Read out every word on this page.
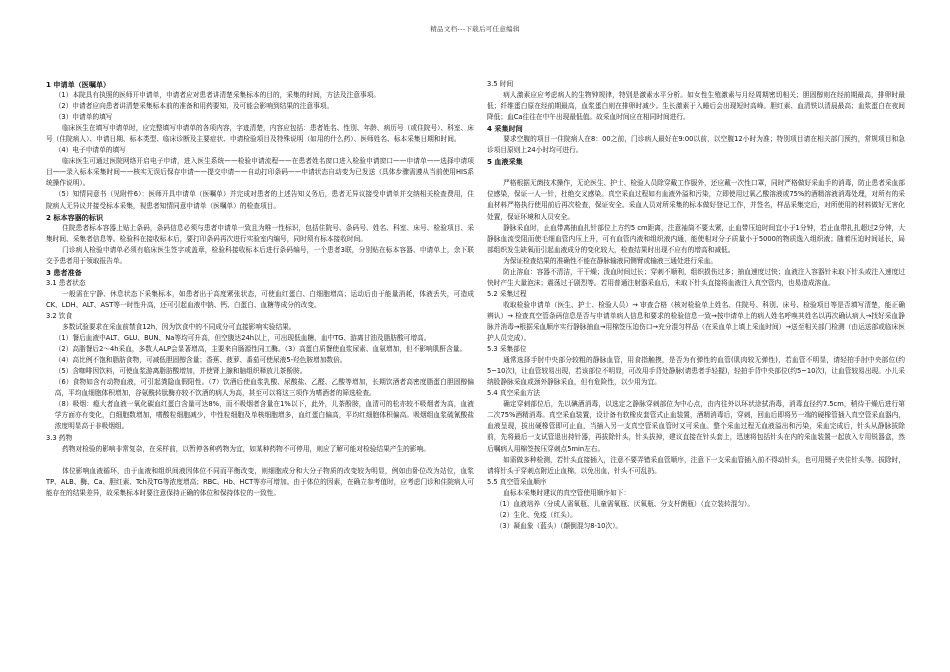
精品文档---下载后可任意编辑
1 申请单（医嘱单）
（1）本院具有执照的医师开申请单，申请者应对患者讲清楚采集标本的目的，采集的时间，方法及注意事项。
（2）申请者应向患者讲清楚采集标本前的准备和用药要知，及可能会影响到结果的注意事项。
（3）申请单的填写
临床医生在填写申请单时，应完整填写申请单的各项内容，字迹清楚，内容应包括：患者姓名、性别、年龄、病历号（或住院号）、科室、床号（住院病人）、申请日期、标本类型、临床诊断及主要症状、申请检验项目及特殊说明（如用的什么药）、医师姓名、标本采集日期和时间。
（4）电子申请单的填写
临床医生可通过医院网络开启电子申请，进入医生系统——检验申请流程——在患者姓名窗口进入检验申请窗口——申请单——选择申请项目——录入标本采集时间——核实无误后保存申请——提交申请——自动打印条码——申请状态自动变为已发送（具体步骤需遵从当前使用HIS系统操作说明）。
（5）知情同意书（见附件6）：医师开具申请单（医嘱单）并完成对患者的上述告知义务后，患者无异议接受申请单并交纳相关检查费用，住院病人无异议并接受标本采集，视患者知情同意申请单（医嘱单）的检查项目。
2 标本容器的标识
住院患者标本容器上贴上条码，条码信息必须与患者申请单一致且为唯一性标识，包括住院号、条码号、姓名、科室、床号、检验项目、采集时间、采集者信息等。检验科在接收标本后，要打印条码再次进行实验室内编号，同时须有标本接收时间。
门诊病人检验申请单必须有临床医生签字或盖章，检验科接收标本后进行条码编号，一个患者3联，分别贴在标本容器、申请单上，余下联交予患者用于领取报告单。
3 患者准备
3.1 患者状态
一般需在宁静、休息状态下采集标本，如患者出于高度紧张状态，可使血红蛋白、白细胞增高；运动后由于能量消耗，体液丢失，可造成CK、LDH、ALT、AST等一时性升高，还可引起血液中钠、钙、白蛋白、血糖等成分的改变。
3.2 饮食
多数试验要求在采血前禁食12h，因为饮食中的不同成分可直接影响实验结果。
（1）餐后血液中ALT、GLU、BUN、Na等均可升高，但空腹达24h以上，可出现低血糖，血中TG、游离甘油及脂肪酸可增高。
（2）高脂餐后2～4h采血，多数人ALP会显著增高，主要来自肠源性同工酶。（3）高蛋白质餐使血浆尿素、血氨增加，但不影响肌酐含量。
（4）高比例不饱和脂肪食物，可减低胆固醇含量；香蕉、菠萝、番茄可使尿液5-羟色胺增加数倍。
（5）含咖啡因饮料，可使血浆游离脂肪酸增加，并使肾上腺和脑组织释放儿茶酚胺。
（6）食物如含有动物血液，可引起粪隐血假阳性。（7）饮酒后使血浆乳酸、尿酸盐、乙醛、乙酸等增加，长期饮酒者高密度脂蛋白胆固醇偏高，平均血细胞体积增加，谷氨酰转肽酶亦较不饮酒的病人为高，甚至可以将这三项作为嗜酒者的筛选检查。
（8）吸烟：瘾大者血液一氧化碳血红蛋白含量可达8%，而不吸烟者含量在1%以下，此外，儿茶酚胺，血清可的松亦较不吸烟者为高，血液学方面亦有变化，白细胞数增加，嗜酸粒细胞减少，中性粒细胞及单核细胞增多，血红蛋白偏高，平均红细胞体积偏高。吸烟组血浆硫氰酸盐浓度明显高于非吸烟组。
3.3 药物
药物对检验的影响非常复杂，在采样前，以暂停各种药物为宜，如某种药物不可停用，则应了解可能对检验结果产生的影响。
体位影响血液循环，由于血液和组织间液因体位不同而平衡改变，则细胞成分和大分子物质的改变较为明显，例如由卧位改为站位，血浆TP、ALB、酶、Ca、胆红素、Tch及TG等浓度增高；RBC、Hb、HCT等亦可增加。由于体位的因素，在确立参考值时，应考虑门诊和住院病人可能存在的结果差异，故采集标本时要注意保持正确的体位和保持体位的一致性。
3.5 时间
病人激素应应考虑病人的生物钟规律，特别是激素水平分析。如女性生殖激素与月经周期密切相关；胆固醇则在经前期最高，排卵时最低；纤维蛋白原在经前期最高，血浆蛋白则在排卵时减少。生长激素于入睡后会出现短时高峰。胆红素、血清铁以清晨最高；血浆蛋白在夜间降低；血Ca往往在中午出现最低值。故采血时间应在相同时间进行。
4 采集时间
要求空腹的项目一住院病人在8：00之前，门诊病人最好在9:00以前，以空腹12小时为准；特别项目请在相关部门预约，常规项目和急诊项目原则上24小时均可进行。
5 血液采集
严格根据无菌技术操作，无论医生、护士、检验人员除穿戴工作服外，还应戴一次性口罩，同时严格做好采血手的消毒，防止患者采血部位感染，保证一人一针，杜绝交叉感染。真空采血过程如有血液外溢和污染，立即使用过氧乙酸溶液或75%的酒精溶液消毒处理，对所有的采血材料严格执行使用前后再次检查，保证安全。采血人员对所采集的标本做好登记工作，并签名，样品采集完后，对所使用的材料做好无害化处置，保证环境和人员安全。
静脉采血时，止血带离抽血扎针部位上方约5 cm距离，注意袖筒不要太紧，止血带压迫时间宜小于1分钟，若止血带扎扎超过2分钟，大静脉血流受阻而使毛细血管内压上升，可有血管内液和组织液内通，能使相对分子质量小于5000的物质逸入组织液；随着压迫时间延长，局部组织发生缺氧而引起血液成分的变化较大，检查结果时出现不应有的增高和减低。
为保证检查结果的准确性不能在静脉输液同侧臂或输液三通处进行采血。
防止溶血：容器不清洁，干干燥；泼血时间过长；穿刺不顺利，组织损伤过多；抽血速度过快；血液注入容器针未取下针头或注入速度过快时产生大量泡沫；震荡过于剧烈等。若用普通注射器采血后，未取下针头直接将血液注入真空管内，也易造成溶血。
5.2 采集过程
收取检验申请单（医生、护士、检验人员）→ 审查合格（核对检验单上姓名、住院号、科别、床号、检验项目等是否填写清楚，能正确辨认）→ 检查真空管条码信息是否与申请单病人信息和要求的检验信息一致→按申请单上的病人姓名呼唤其姓名以再次确认病人→找好采血静脉并消毒→根据采血顺序实行静脉抽血→用棉签压迫伤口→充分混匀样品（在采血单上填上采血时间）→送至相关部门检测（由运送部或临床医护人员完成）。
5.3 采集部位
通常选择手肘中央部分较粗的静脉血管，用食指触摸，是否为有弹性的血管(肌肉较无弹性)，若血管不明显，请轻拍手肘中央部位(约5~10次)，让血管较易出现，若该部位不明显，可改用手背处静脉(请患者手轻握)，轻拍手背中央部位(约5~10次)，让血管较易出现。小儿采纳股静脉采血或颈外静脉采血，但有危险性，以少用为宜。
5.4 真空采血方法
确定穿刺部位后，先以碘酒消毒，以选定之静脉穿刺部位为中心点，由内往外以环状涂拭消毒，消毒直径约7.5cm，稍待干燥后进行第二次75%酒精消毒。真空采血装置，设计备有软橡皮套管式止血装置，酒精消毒后，穿刺，回血后即将另一端的硬橡管插入真空管采血器内，血液呈现，拔出硬橡管即可止血，当插入另一支真空管采血管时又可采血。整个采血过程无血液溢出和污染，采血完成后，针头从静脉拔除前，先将最后一支试管退出持针器，再拔除针头，针头拔掉，建议直接在针头套上，迅速将包括针头在内的采血装置一起放入专用锐器盒，然后嘱病人用棉签按压穿刺点5min左右。
如需做多种检测，若针头直接插入，注意不要弄错采血管顺序，注意下一支采血管插入前不得动针头，也可用镊子夹住针头等。拔除时，请将针头于穿刺点附近止血棉，以免出血，针头不可乱扔。
5.5 真空管采血顺序
血标本采集时建议的真空管使用顺序如下：
（1）血液培养（分成人需氧瓶、儿童需氧瓶、厌氧瓶、分支杆菌瓶）（直立装转混匀）。
（2）生化、免疫（红头）。
（3）凝血象（蓝头）（颠倒混匀8-10次）。
